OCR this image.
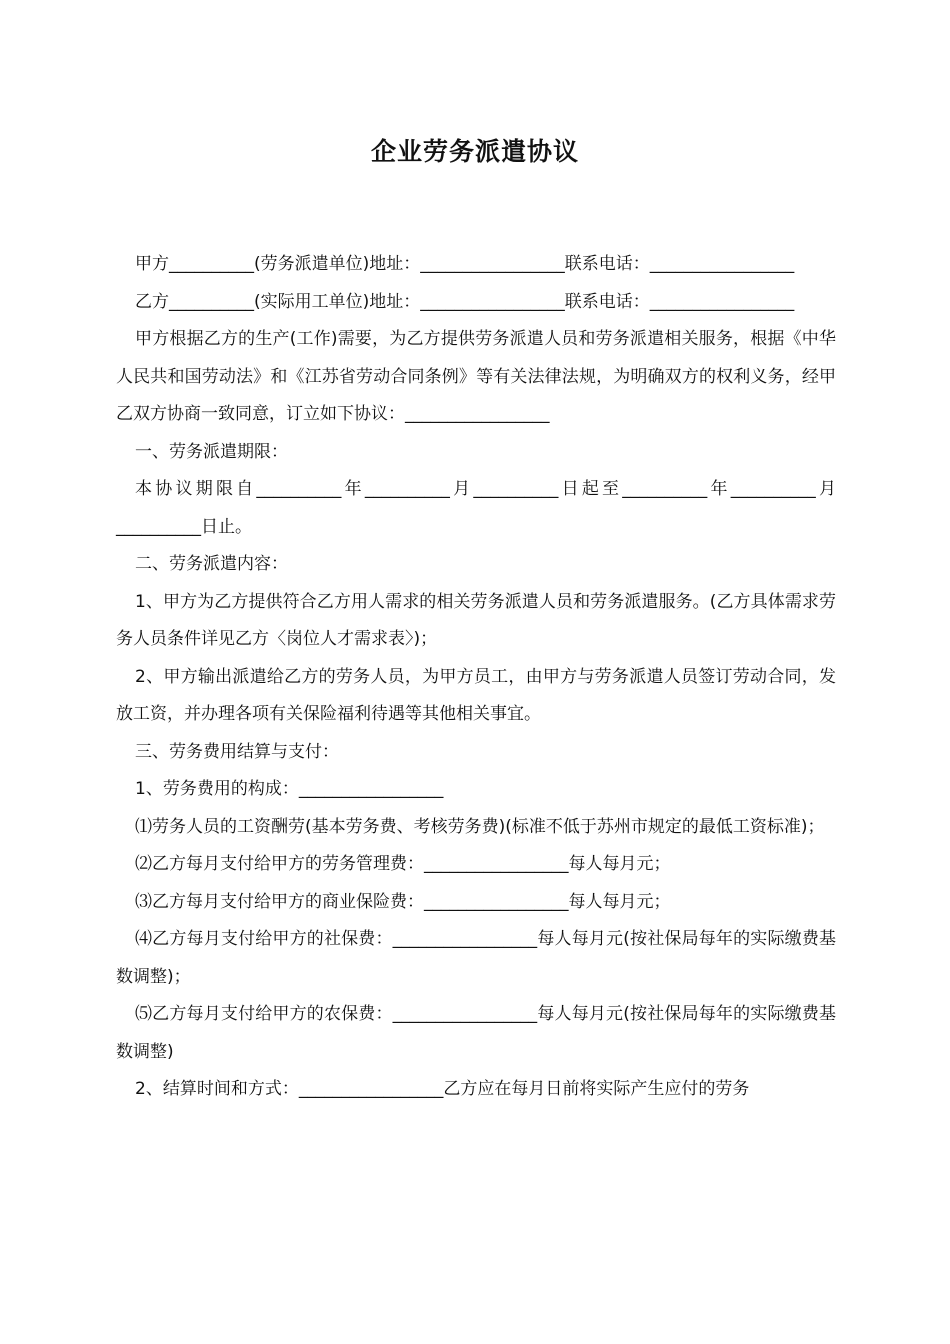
企业劳务派遣协议

甲方__________(劳务派遣单位)地址：_________________联系电话：_________________

乙方__________(实际用工单位)地址：_________________联系电话：_________________

甲方根据乙方的生产(工作)需要，为乙方提供劳务派遣人员和劳务派遣相关服务，根据《中华人民共和国劳动法》和《江苏省劳动合同条例》等有关法律法规，为明确双方的权利义务，经甲乙双方协商一致同意，订立如下协议：_________________

一、劳务派遣期限：

本协议期限自__________年__________月__________日起至__________年__________月__________日止。

二、劳务派遣内容：

1、甲方为乙方提供符合乙方用人需求的相关劳务派遣人员和劳务派遣服务。(乙方具体需求劳务人员条件详见乙方〈岗位人才需求表〉)；

2、甲方输出派遣给乙方的劳务人员，为甲方员工，由甲方与劳务派遣人员签订劳动合同，发放工资，并办理各项有关保险福利待遇等其他相关事宜。

三、劳务费用结算与支付：

1、劳务费用的构成：_________________

⑴劳务人员的工资酬劳(基本劳务费、考核劳务费)(标准不低于苏州市规定的最低工资标准)；

⑵乙方每月支付给甲方的劳务管理费：_________________每人每月元；

⑶乙方每月支付给甲方的商业保险费：_________________每人每月元；

⑷乙方每月支付给甲方的社保费：_________________每人每月元(按社保局每年的实际缴费基数调整)；

⑸乙方每月支付给甲方的农保费：_________________每人每月元(按社保局每年的实际缴费基数调整)

2、结算时间和方式：_________________乙方应在每月日前将实际产生应付的劳务
